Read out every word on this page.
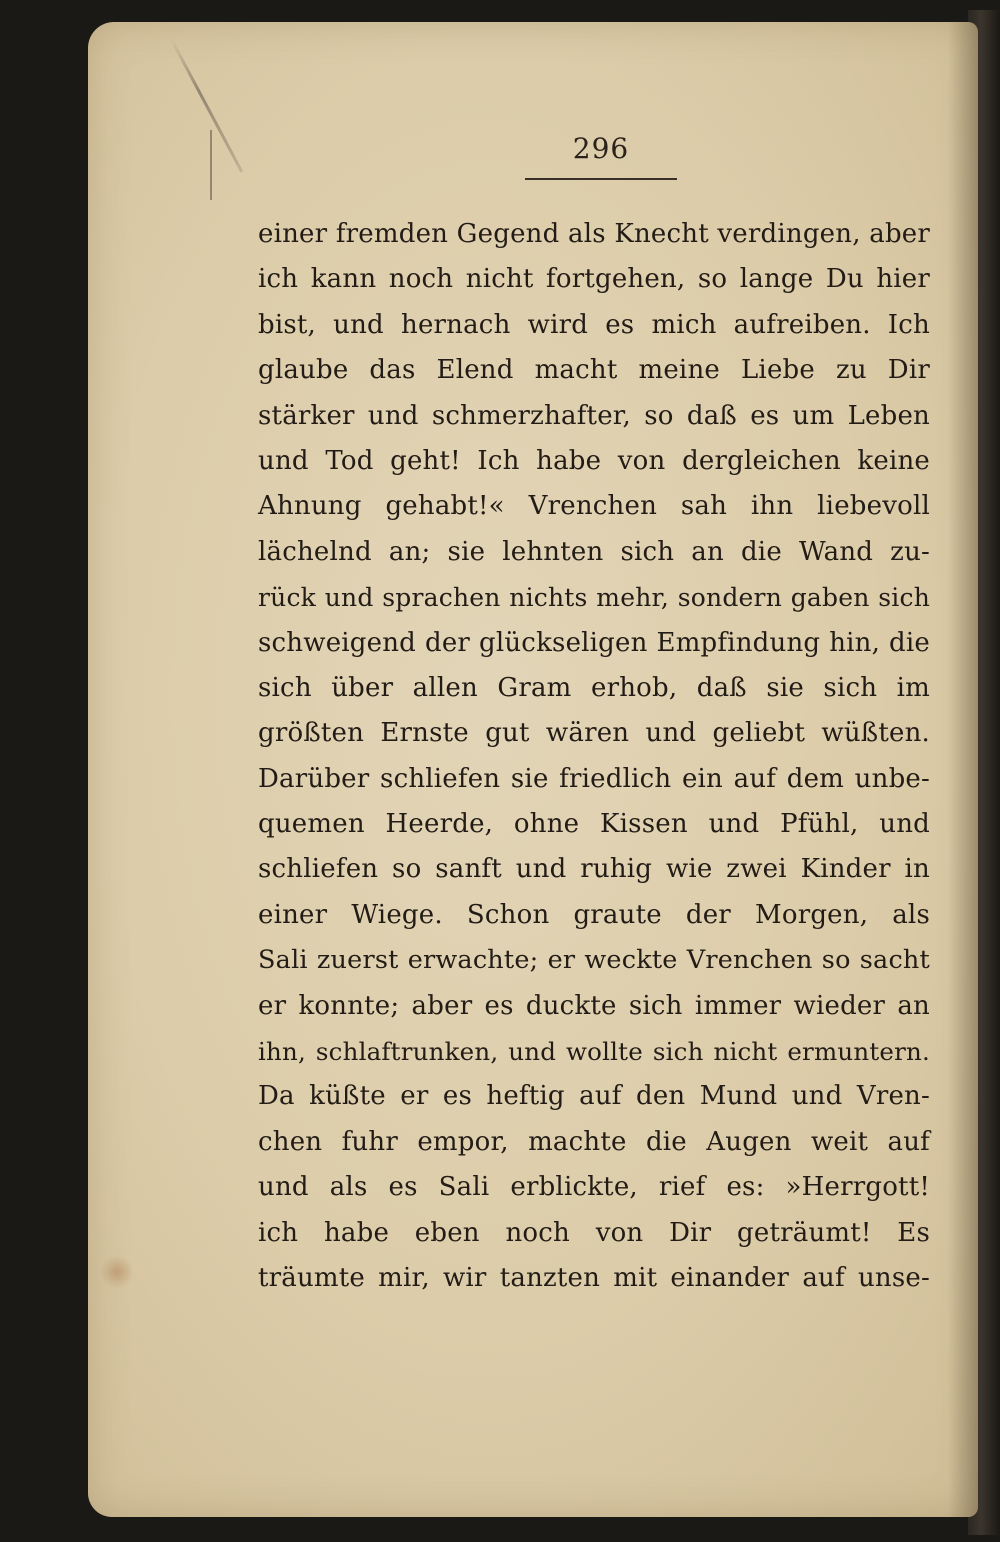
296
einer fremden Gegend als Knecht verdingen, aber
ich kann noch nicht fortgehen, so lange Du hier
bist, und hernach wird es mich aufreiben. Ich
glaube das Elend macht meine Liebe zu Dir
stärker und schmerzhafter, so daß es um Leben
und Tod geht! Ich habe von dergleichen keine
Ahnung gehabt!« Vrenchen sah ihn liebevoll
lächelnd an; sie lehnten sich an die Wand zu-
rück und sprachen nichts mehr, sondern gaben sich
schweigend der glückseligen Empfindung hin, die
sich über allen Gram erhob, daß sie sich im
größten Ernste gut wären und geliebt wüßten.
Darüber schliefen sie friedlich ein auf dem unbe-
quemen Heerde, ohne Kissen und Pfühl, und
schliefen so sanft und ruhig wie zwei Kinder in
einer Wiege. Schon graute der Morgen, als
Sali zuerst erwachte; er weckte Vrenchen so sacht
er konnte; aber es duckte sich immer wieder an
ihn, schlaftrunken, und wollte sich nicht ermuntern.
Da küßte er es heftig auf den Mund und Vren-
chen fuhr empor, machte die Augen weit auf
und als es Sali erblickte, rief es: »Herrgott!
ich habe eben noch von Dir geträumt! Es
träumte mir, wir tanzten mit einander auf unse-
